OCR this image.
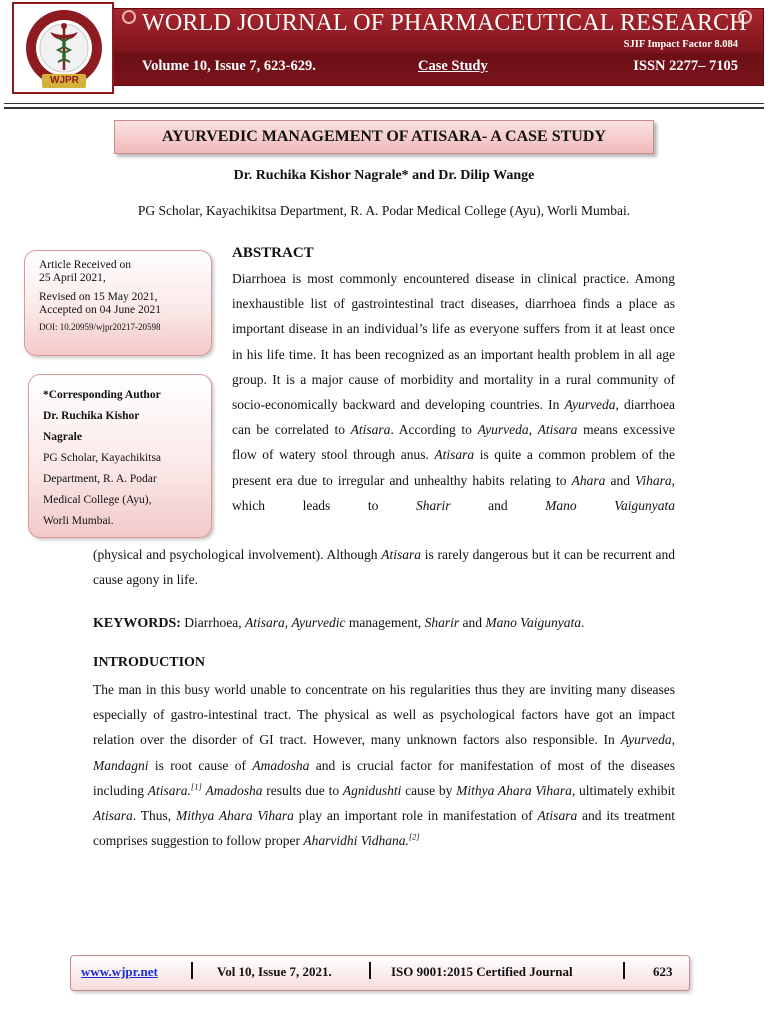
WJPR
WORLD JOURNAL OF PHARMACEUTICAL RESEARCH
SJIF Impact Factor 8.084
Volume 10, Issue 7, 623-629.	Case Study	ISSN 2277– 7105
AYURVEDIC MANAGEMENT OF ATISARA- A CASE STUDY
Dr. Ruchika Kishor Nagrale* and Dr. Dilip Wange
PG Scholar, Kayachikitsa Department, R. A. Podar Medical College (Ayu), Worli Mumbai.
Article Received on
25 April 2021,
Revised on 15 May 2021,
Accepted on 04 June 2021
DOI: 10.20959/wjpr20217-20598
*Corresponding Author
Dr. Ruchika Kishor
Nagrale
PG Scholar, Kayachikitsa
Department, R. A. Podar
Medical College (Ayu),
Worli Mumbai.
ABSTRACT

Diarrhoea is most commonly encountered disease in clinical practice. Among inexhaustible list of gastrointestinal tract diseases, diarrhoea finds a place as important disease in an individual’s life as everyone suffers from it at least once in his life time. It has been recognized as an important health problem in all age group. It is a major cause of morbidity and mortality in a rural community of socio-economically backward and developing countries. In Ayurveda, diarrhoea can be correlated to Atisara. According to Ayurveda, Atisara means excessive flow of watery stool through anus. Atisara is quite a common problem of the present era due to irregular and unhealthy habits relating to Ahara and Vihara, which leads to Sharir and Mano Vaigunyata

(physical and psychological involvement). Although Atisara is rarely dangerous but it can be recurrent and cause agony in life.
KEYWORDS: Diarrhoea, Atisara, Ayurvedic management, Sharir and Mano Vaigunyata.
INTRODUCTION
The man in this busy world unable to concentrate on his regularities thus they are inviting many diseases especially of gastro-intestinal tract. The physical as well as psychological factors have got an impact relation over the disorder of GI tract. However, many unknown factors also responsible. In Ayurveda, Mandagni is root cause of Amadosha and is crucial factor for manifestation of most of the diseases including Atisara.[1] Amadosha results due to Agnidushti cause by Mithya Ahara Vihara, ultimately exhibit Atisara. Thus, Mithya Ahara Vihara play an important role in manifestation of Atisara and its treatment comprises suggestion to follow proper Aharvidhi Vidhana.[2]
www.wjpr.net	Vol 10, Issue 7, 2021.	ISO 9001:2015 Certified Journal	623
